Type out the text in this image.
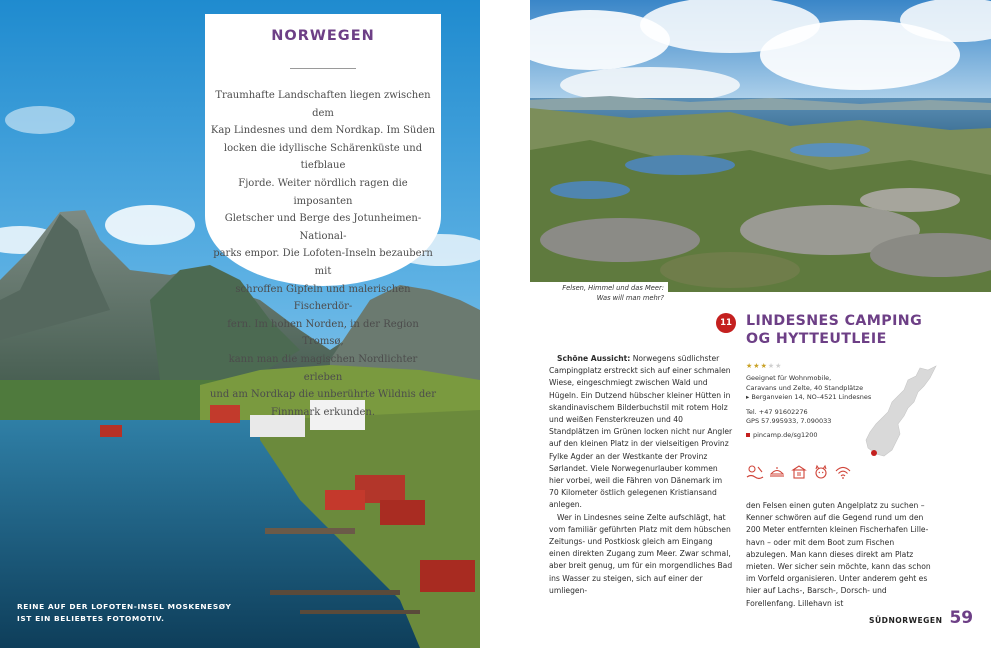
NORWEGEN
Traumhafte Landschaften liegen zwischen dem
Kap Lindesnes und dem Nordkap. Im Süden
locken die idyllische Schärenküste und tiefblaue
Fjorde. Weiter nördlich ragen die imposanten
Gletscher und Berge des Jotunheimen-National-
parks empor. Die Lofoten-Inseln bezaubern mit
schroffen Gipfeln und malerischen Fischerdör-
fern. Im hohen Norden, in der Region Tromsø,
kann man die magischen Nordlichter erleben
und am Nordkap die unberührte Wildnis der
Finnmark erkunden.
REINE AUF DER LOFOTEN-INSEL MOSKENESØY
IST EIN BELIEBTES FOTOMOTIV.
Felsen, Himmel und das Meer:
Was will man mehr?
11 LINDESNES CAMPING
OG HYTTEUTLEIE

Schöne Aussicht: Norwegens südlichster Campingplatz erstreckt sich auf einer schmalen Wiese, eingeschmiegt zwischen Wald und Hügeln. Ein Dutzend hübscher kleiner Hütten in skandinavischem Bilderbuchstil mit rotem Holz und weißen Fensterkreuzen und 40 Standplätzen im Grünen locken nicht nur Angler auf den kleinen Platz in der vielseitigen Provinz Fylke Agder an der Westkante der Provinz Sørlandet. Viele Norwegenurlauber kommen hier vorbei, weil die Fähren von Dänemark im 70 Kilometer östlich gelegenen Kristiansand anlegen.

Wer in Lindesnes seine Zelte aufschlägt, hat vom familiär geführten Platz mit dem hübschen Zeitungs- und Postkiosk gleich am Eingang einen direkten Zugang zum Meer. Zwar schmal, aber breit genug, um für ein morgendliches Bad ins Wasser zu steigen, sich auf einer der umliegen-

★★★★★
Geeignet für Wohnmobile,
Caravans und Zelte, 40 Standplätze
▸ Berganveien 14, NO–4521 Lindesnes
Tel. +47 91602276
GPS 57.995933, 7.090033
pincamp.de/sg1200

den Felsen einen guten Angelplatz zu suchen – Kenner schwören auf die Gegend rund um den 200 Meter entfernten kleinen Fischerhafen Lillehavn – oder mit dem Boot zum Fischen abzulegen. Man kann dieses direkt am Platz mieten. Wer sicher sein möchte, kann das schon im Vorfeld organisieren. Unter anderem geht es hier auf Lachs-, Barsch-, Dorsch- und Forellenfang. Lillehavn ist

SÜDNORWEGEN 59
